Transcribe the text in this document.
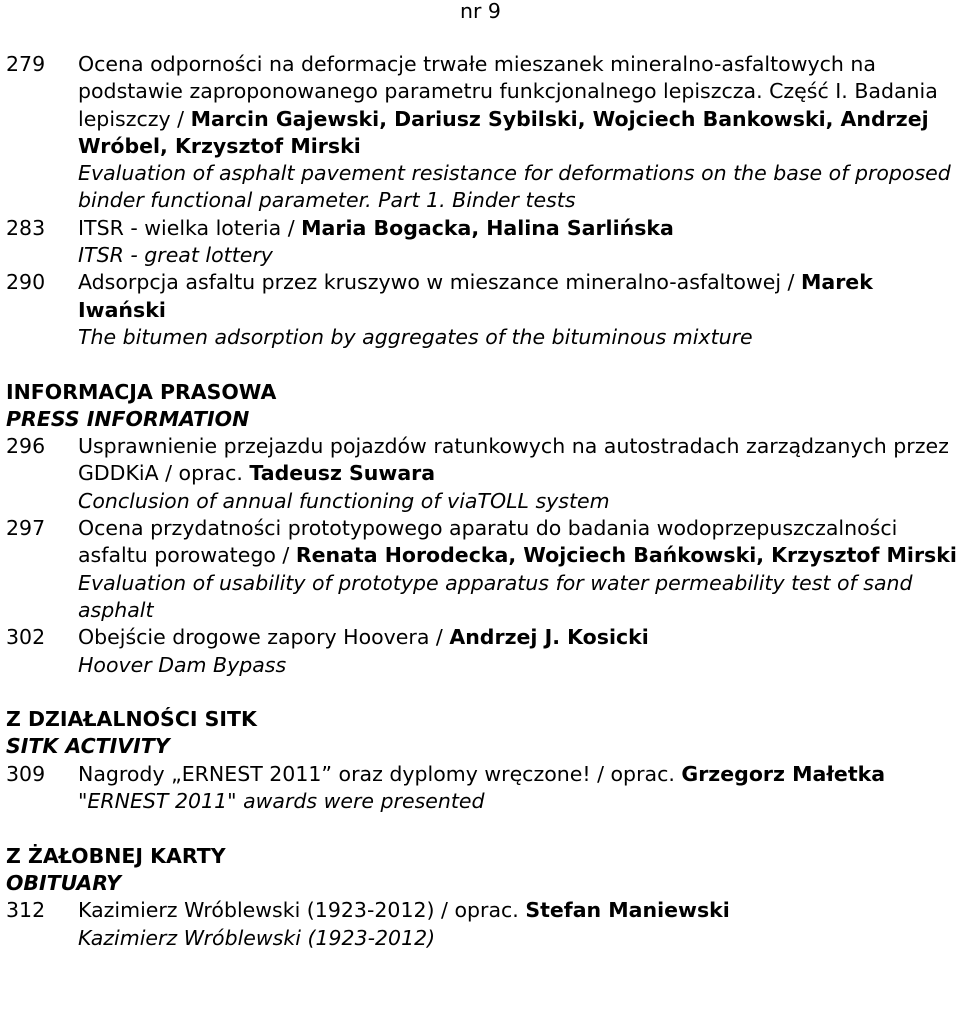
nr 9
279	Ocena odporności na deformacje trwałe mieszanek mineralno-asfaltowych na podstawie zaproponowanego parametru funkcjonalnego lepiszcza. Część I. Badania lepiszczy / Marcin Gajewski, Dariusz Sybilski, Wojciech Bankowski, Andrzej Wróbel, Krzysztof Mirski
Evaluation of asphalt pavement resistance for deformations on the base of proposed binder functional parameter. Part 1. Binder tests
283	ITSR - wielka loteria / Maria Bogacka, Halina Sarlińska
ITSR - great lottery
290	Adsorpcja asfaltu przez kruszywo w mieszance mineralno-asfaltowej / Marek Iwański
The bitumen adsorption by aggregates of the bituminous mixture
INFORMACJA PRASOWA
PRESS INFORMATION
296	Usprawnienie przejazdu pojazdów ratunkowych na autostradach zarządzanych przez GDDKiA / oprac. Tadeusz Suwara
Conclusion of annual functioning of viaTOLL system
297	Ocena przydatności prototypowego aparatu do badania wodoprzepuszczalności asfaltu porowatego / Renata Horodecka, Wojciech Bańkowski, Krzysztof Mirski
Evaluation of usability of prototype apparatus for water permeability test of sand asphalt
302	Obejście drogowe zapory Hoovera / Andrzej J. Kosicki
Hoover Dam Bypass
Z DZIAŁALNOŚCI SITK
SITK ACTIVITY
309	Nagrody „ERNEST 2011” oraz dyplomy wręczone! / oprac. Grzegorz Małetka
"ERNEST 2011" awards were presented
Z ŻAŁOBNEJ KARTY
OBITUARY
312	Kazimierz Wróblewski (1923-2012) / oprac. Stefan Maniewski
Kazimierz Wróblewski (1923-2012)
